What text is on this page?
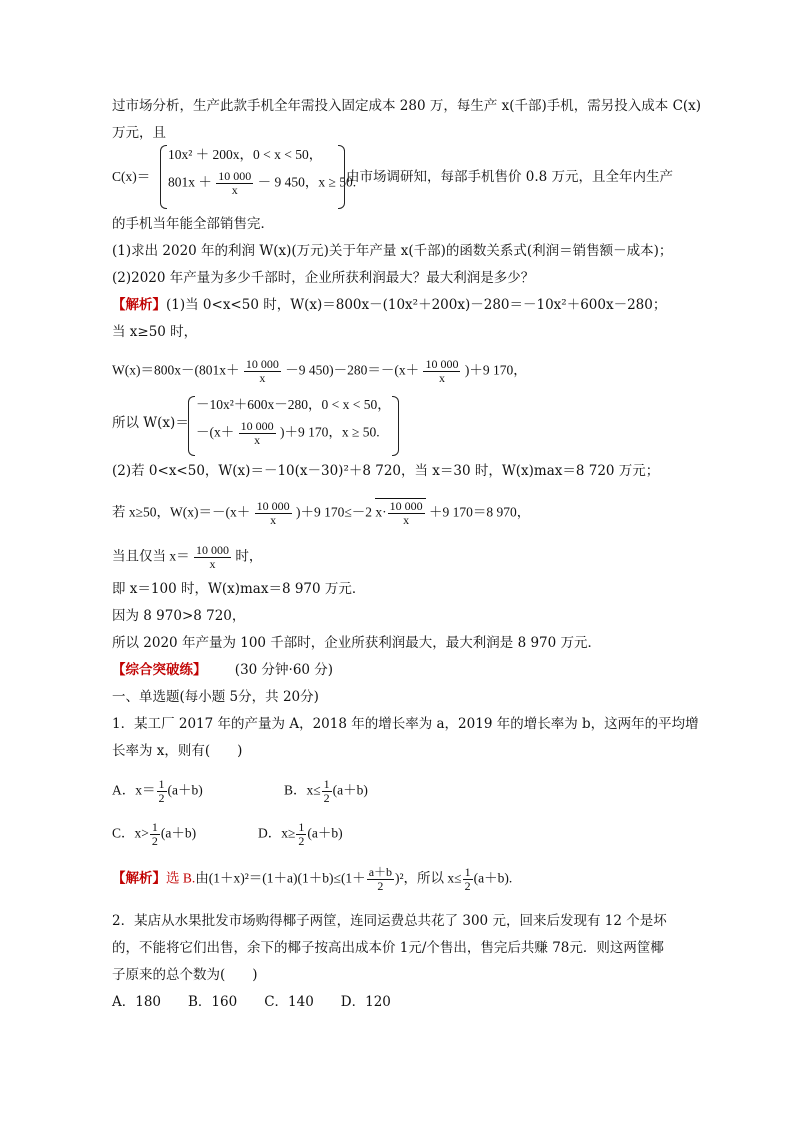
过市场分析，生产此款手机全年需投入固定成本 280 万，每生产 x(千部)手机，需另投入成本 C(x)
万元，且
C(x)＝
10x² ＋ 200x，0 < x < 50，
$801x + \frac{10 000}{x} - 9$ 450，x ≥ 50.
由市场调研知，每部手机售价 0.8 万元，且全年内生产
的手机当年能全部销售完．
(1)求出 2020 年的利润 W(x)(万元)关于年产量 x(千部)的函数关系式(利润＝销售额－成本)；
(2)2020 年产量为多少千部时，企业所获利润最大？最大利润是多少？
【解析】(1)当 0<x<50 时，W(x)＝800x－(10x²＋200x)－280＝－10x²＋600x－280；
当 x≥50 时，
$W(x)=800x-(801x+ \frac{10 000}{x} -9$ $450)-280=-(x+ \frac{10 000}{x} )+9$ 170，
所以 W(x)＝
－10x²＋600x－280，0 < x < 50，
$-(x+ \frac{10 000}{x} )+9$ 170，x ≥ 50.
(2)若 0<x<50，W(x)＝－10(x－30)²＋8 720，当 x＝30 时，W(x)max＝8 720 万元；
若 x≥50，$W(x)=-(x+ \frac{10 000}{x} )+9$ 170≤－2 $x\cdot \frac{10 000}{x} +9$ 170＝8 970，
当且仅当 $x= \frac{10 000}{x}$ 时，
即 x＝100 时，W(x)max＝8 970 万元．
因为 8 970>8 720，
所以 2020 年产量为 100 千部时，企业所获利润最大，最大利润是 8 970 万元．
【综合突破练】 (30 分钟·60 分)
一、单选题(每小题 5分，共 20分)
1．某工厂 2017 年的产量为 A，2018 年的增长率为 a，2019 年的增长率为 b，这两年的平均增
长率为 x，则有(　　)
A．$x= \frac{1}{2} (a+b)$	B．$x\le \frac{1}{2} (a+b)$
C．$x> \frac{1}{2} (a+b)$	D．$x\ge \frac{1}{2} (a+b)$
【解析】选 B.由$(1+x)^2=(1+a)(1+b)\le(1+ \frac{a+b}{2} )^2$，所以 $x\le \frac{1}{2} (a+b)$.
2．某店从水果批发市场购得椰子两筐，连同运费总共花了 300 元，回来后发现有 12 个是坏
的，不能将它们出售，余下的椰子按高出成本价 1元/个售出，售完后共赚 78元．则这两筐椰
子原来的总个数为(　　)
A．180　　B．160　　C．140　　D．120
